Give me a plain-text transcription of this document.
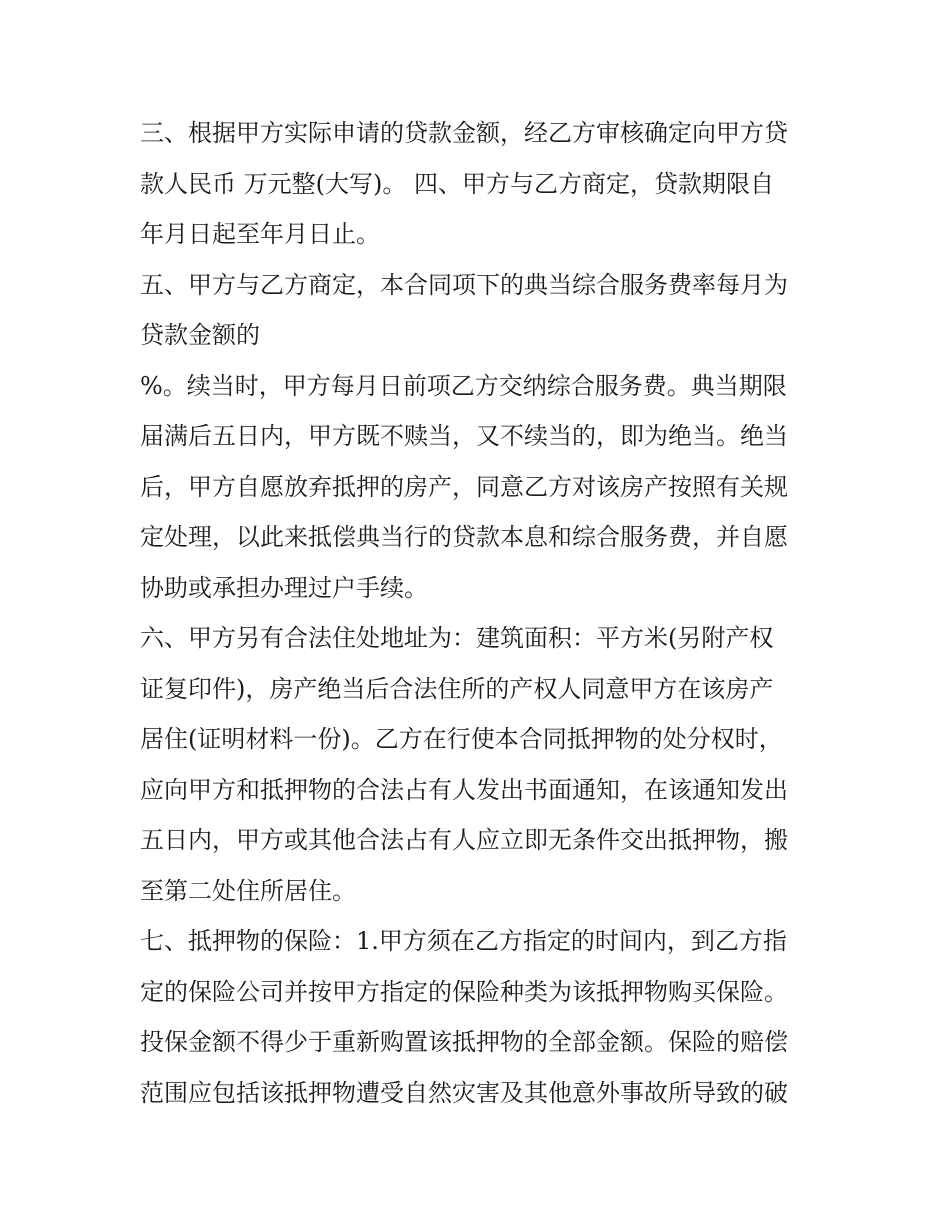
三、根据甲方实际申请的贷款金额，经乙方审核确定向甲方贷
款人民币 万元整(大写)。 四、甲方与乙方商定，贷款期限自
年月日起至年月日止。
五、甲方与乙方商定，本合同项下的典当综合服务费率每月为
贷款金额的
%。续当时，甲方每月日前项乙方交纳综合服务费。典当期限
届满后五日内，甲方既不赎当，又不续当的，即为绝当。绝当
后，甲方自愿放弃抵押的房产，同意乙方对该房产按照有关规
定处理，以此来抵偿典当行的贷款本息和综合服务费，并自愿
协助或承担办理过户手续。
六、甲方另有合法住处地址为：建筑面积：平方米(另附产权
证复印件)，房产绝当后合法住所的产权人同意甲方在该房产
居住(证明材料一份)。乙方在行使本合同抵押物的处分权时，
应向甲方和抵押物的合法占有人发出书面通知，在该通知发出
五日内，甲方或其他合法占有人应立即无条件交出抵押物，搬
至第二处住所居住。
七、抵押物的保险：1.甲方须在乙方指定的时间内，到乙方指
定的保险公司并按甲方指定的保险种类为该抵押物购买保险。
投保金额不得少于重新购置该抵押物的全部金额。保险的赔偿
范围应包括该抵押物遭受自然灾害及其他意外事故所导致的破
